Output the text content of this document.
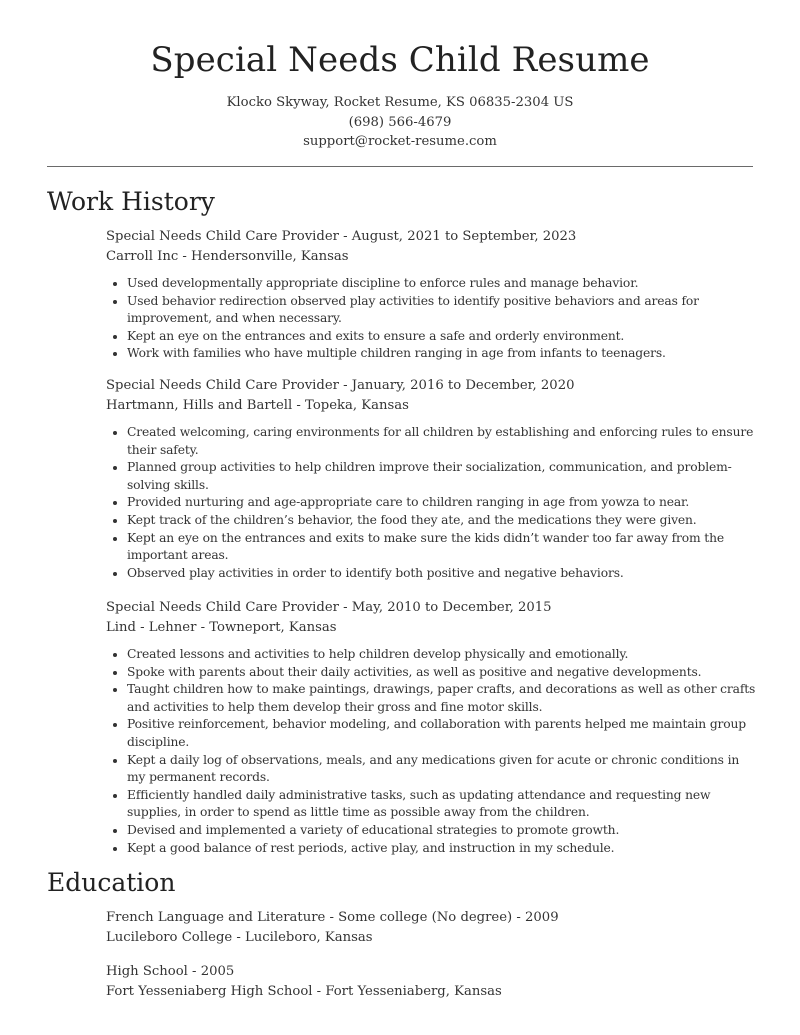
Special Needs Child Resume
Klocko Skyway, Rocket Resume, KS 06835-2304 US
(698) 566-4679
support@rocket-resume.com
Work History
Special Needs Child Care Provider - August, 2021 to September, 2023
Carroll Inc - Hendersonville, Kansas
• Used developmentally appropriate discipline to enforce rules and manage behavior.
• Used behavior redirection observed play activities to identify positive behaviors and areas for improvement, and when necessary.
• Kept an eye on the entrances and exits to ensure a safe and orderly environment.
• Work with families who have multiple children ranging in age from infants to teenagers.
Special Needs Child Care Provider - January, 2016 to December, 2020
Hartmann, Hills and Bartell - Topeka, Kansas
• Created welcoming, caring environments for all children by establishing and enforcing rules to ensure their safety.
• Planned group activities to help children improve their socialization, communication, and problem-solving skills.
• Provided nurturing and age-appropriate care to children ranging in age from yowza to near.
• Kept track of the children’s behavior, the food they ate, and the medications they were given.
• Kept an eye on the entrances and exits to make sure the kids didn’t wander too far away from the important areas.
• Observed play activities in order to identify both positive and negative behaviors.
Special Needs Child Care Provider - May, 2010 to December, 2015
Lind - Lehner - Towneport, Kansas
• Created lessons and activities to help children develop physically and emotionally.
• Spoke with parents about their daily activities, as well as positive and negative developments.
• Taught children how to make paintings, drawings, paper crafts, and decorations as well as other crafts and activities to help them develop their gross and fine motor skills.
• Positive reinforcement, behavior modeling, and collaboration with parents helped me maintain group discipline.
• Kept a daily log of observations, meals, and any medications given for acute or chronic conditions in my permanent records.
• Efficiently handled daily administrative tasks, such as updating attendance and requesting new supplies, in order to spend as little time as possible away from the children.
• Devised and implemented a variety of educational strategies to promote growth.
• Kept a good balance of rest periods, active play, and instruction in my schedule.
Education
French Language and Literature - Some college (No degree) - 2009
Lucileboro College - Lucileboro, Kansas
High School - 2005
Fort Yesseniaberg High School - Fort Yesseniaberg, Kansas
